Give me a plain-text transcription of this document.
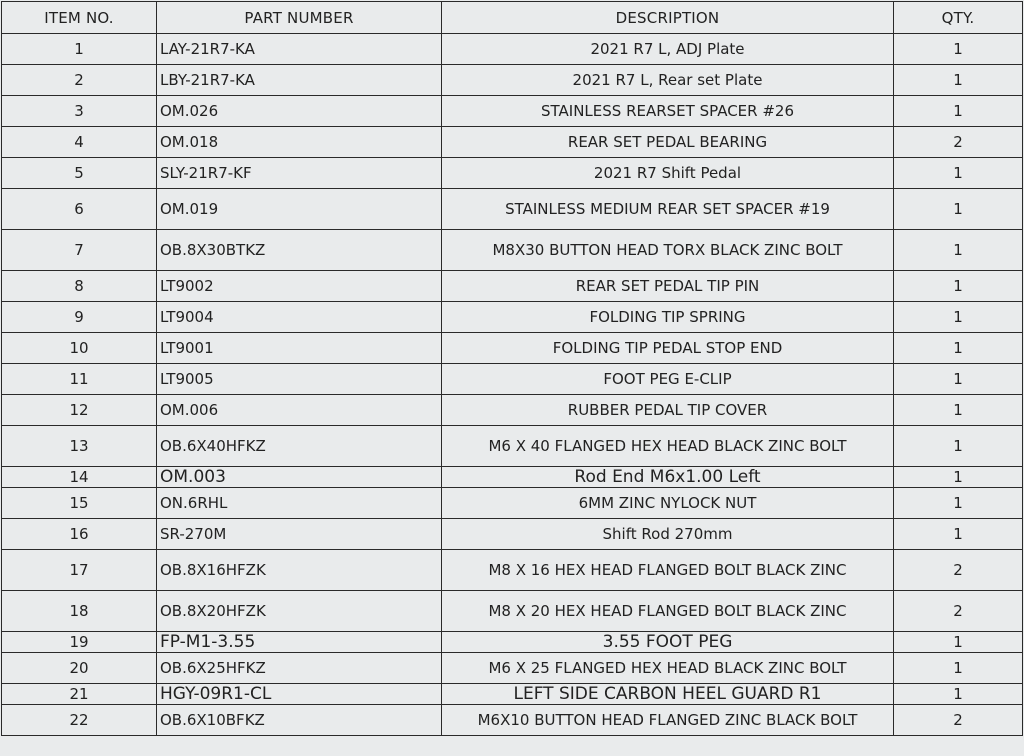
ITEM NO.	PART NUMBER	DESCRIPTION	QTY.
1	LAY-21R7-KA	2021 R7 L, ADJ Plate	1
2	LBY-21R7-KA	2021 R7 L, Rear set Plate	1
3	OM.026	STAINLESS REARSET SPACER #26	1
4	OM.018	REAR SET PEDAL BEARING	2
5	SLY-21R7-KF	2021 R7 Shift Pedal	1
6	OM.019	STAINLESS MEDIUM REAR SET SPACER #19	1
7	OB.8X30BTKZ	M8X30 BUTTON HEAD TORX BLACK ZINC BOLT	1
8	LT9002	REAR SET PEDAL TIP PIN	1
9	LT9004	FOLDING TIP SPRING	1
10	LT9001	FOLDING TIP PEDAL STOP END	1
11	LT9005	FOOT PEG E-CLIP	1
12	OM.006	RUBBER PEDAL TIP COVER	1
13	OB.6X40HFKZ	M6 X 40 FLANGED HEX HEAD BLACK ZINC BOLT	1
14	OM.003	Rod End M6x1.00 Left	1
15	ON.6RHL	6MM ZINC NYLOCK NUT	1
16	SR-270M	Shift Rod 270mm	1
17	OB.8X16HFZK	M8 X 16 HEX HEAD FLANGED BOLT BLACK ZINC	2
18	OB.8X20HFZK	M8 X 20 HEX HEAD FLANGED BOLT BLACK ZINC	2
19	FP-M1-3.55	3.55 FOOT PEG	1
20	OB.6X25HFKZ	M6 X 25 FLANGED HEX HEAD BLACK ZINC BOLT	1
21	HGY-09R1-CL	LEFT SIDE CARBON HEEL GUARD R1	1
22	OB.6X10BFKZ	M6X10 BUTTON HEAD FLANGED ZINC BLACK BOLT	2
